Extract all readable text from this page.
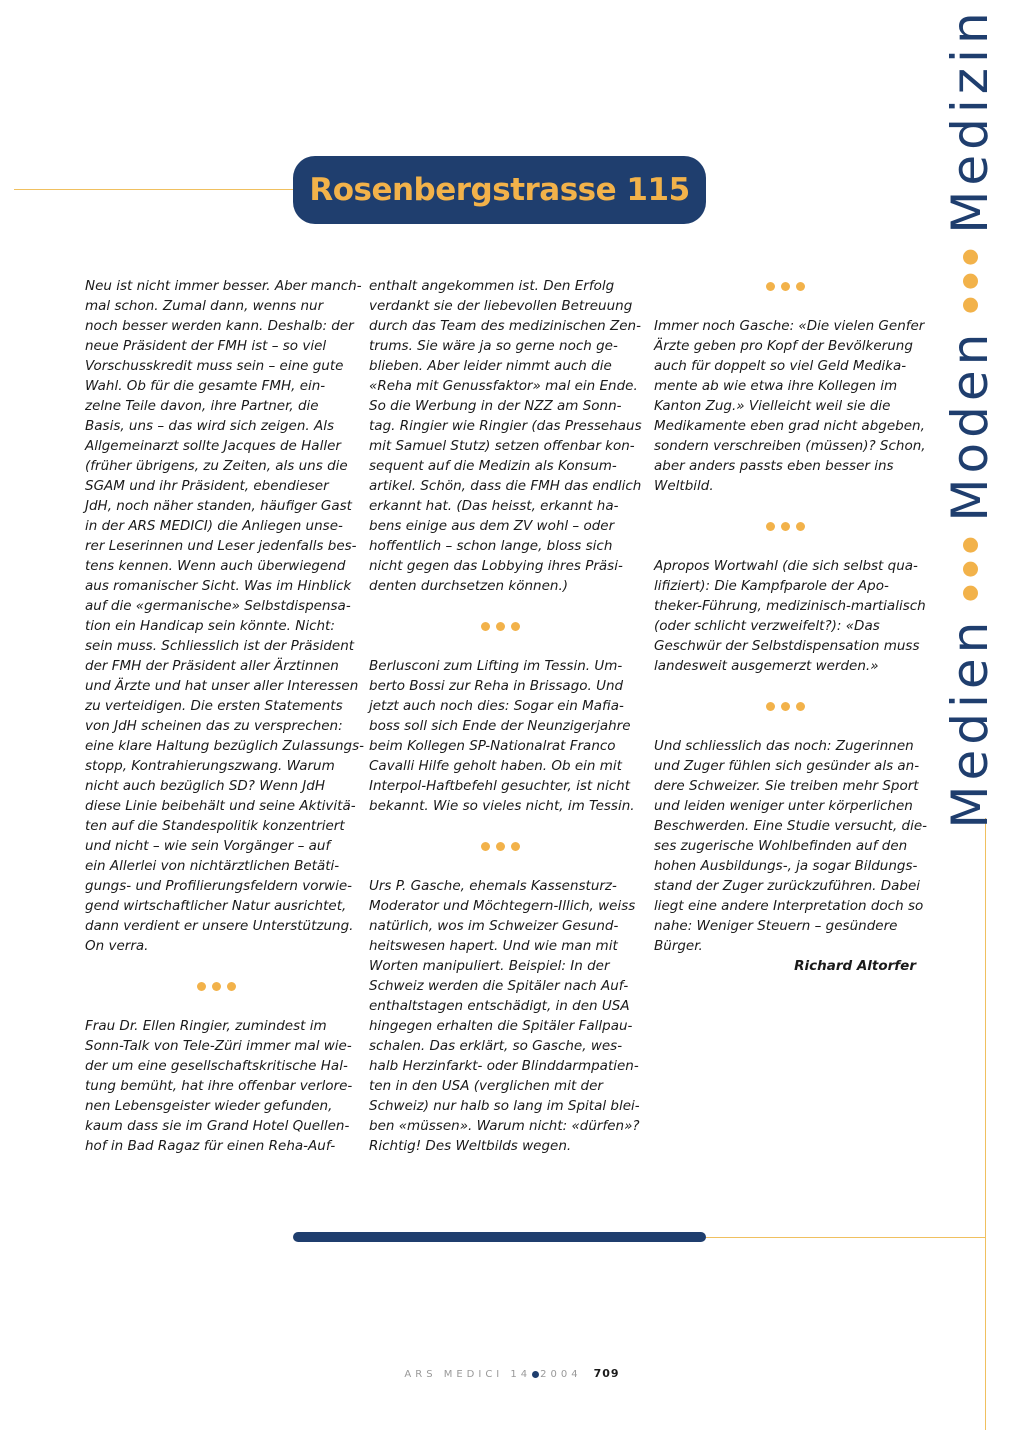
Rosenbergstrasse 115
Medien
Moden
Medizin

Neu ist nicht immer besser. Aber manch-

mal schon. Zumal dann, wenns nur

noch besser werden kann. Deshalb: der

neue Präsident der FMH ist – so viel

Vorschusskredit muss sein – eine gute

Wahl. Ob für die gesamte FMH, ein-

zelne Teile davon, ihre Partner, die

Basis, uns – das wird sich zeigen. Als

Allgemeinarzt sollte Jacques de Haller

(früher übrigens, zu Zeiten, als uns die

SGAM und ihr Präsident, ebendieser

JdH, noch näher standen, häufiger Gast

in der ARS MEDICI) die Anliegen unse-

rer Leserinnen und Leser jedenfalls bes-

tens kennen. Wenn auch überwiegend

aus romanischer Sicht. Was im Hinblick

auf die «germanische» Selbstdispensa-

tion ein Handicap sein könnte. Nicht:

sein muss. Schliesslich ist der Präsident

der FMH der Präsident aller Ärztinnen

und Ärzte und hat unser aller Interessen

zu verteidigen. Die ersten Statements

von JdH scheinen das zu versprechen:

eine klare Haltung bezüglich Zulassungs-

stopp, Kontrahierungszwang. Warum

nicht auch bezüglich SD? Wenn JdH

diese Linie beibehält und seine Aktivitä-

ten auf die Standespolitik konzentriert

und nicht – wie sein Vorgänger – auf

ein Allerlei von nichtärztlichen Betäti-

gungs- und Profilierungsfeldern vorwie-

gend wirtschaftlicher Natur ausrichtet,

dann verdient er unsere Unterstützung.

On verra.

Frau Dr. Ellen Ringier, zumindest im

Sonn-Talk von Tele-Züri immer mal wie-

der um eine gesellschaftskritische Hal-

tung bemüht, hat ihre offenbar verlore-

nen Lebensgeister wieder gefunden,

kaum dass sie im Grand Hotel Quellen-

hof in Bad Ragaz für einen Reha-Auf-

enthalt angekommen ist. Den Erfolg

verdankt sie der liebevollen Betreuung

durch das Team des medizinischen Zen-

trums. Sie wäre ja so gerne noch ge-

blieben. Aber leider nimmt auch die

«Reha mit Genussfaktor» mal ein Ende.

So die Werbung in der NZZ am Sonn-

tag. Ringier wie Ringier (das Pressehaus

mit Samuel Stutz) setzen offenbar kon-

sequent auf die Medizin als Konsum-

artikel. Schön, dass die FMH das endlich

erkannt hat. (Das heisst, erkannt ha-

bens einige aus dem ZV wohl – oder

hoffentlich – schon lange, bloss sich

nicht gegen das Lobbying ihres Präsi-

denten durchsetzen können.)

Berlusconi zum Lifting im Tessin. Um-

berto Bossi zur Reha in Brissago. Und

jetzt auch noch dies: Sogar ein Mafia-

boss soll sich Ende der Neunzigerjahre

beim Kollegen SP-Nationalrat Franco

Cavalli Hilfe geholt haben. Ob ein mit

Interpol-Haftbefehl gesuchter, ist nicht

bekannt. Wie so vieles nicht, im Tessin.

Urs P. Gasche, ehemals Kassensturz-

Moderator und Möchtegern-Illich, weiss

natürlich, wos im Schweizer Gesund-

heitswesen hapert. Und wie man mit

Worten manipuliert. Beispiel: In der

Schweiz werden die Spitäler nach Auf-

enthaltstagen entschädigt, in den USA

hingegen erhalten die Spitäler Fallpau-

schalen. Das erklärt, so Gasche, wes-

halb Herzinfarkt- oder Blinddarmpatien-

ten in den USA (verglichen mit der

Schweiz) nur halb so lang im Spital blei-

ben «müssen». Warum nicht: «dürfen»?

Richtig! Des Weltbilds wegen.

Immer noch Gasche: «Die vielen Genfer

Ärzte geben pro Kopf der Bevölkerung

auch für doppelt so viel Geld Medika-

mente ab wie etwa ihre Kollegen im

Kanton Zug.» Vielleicht weil sie die

Medikamente eben grad nicht abgeben,

sondern verschreiben (müssen)? Schon,

aber anders passts eben besser ins

Weltbild.

Apropos Wortwahl (die sich selbst qua-

lifiziert): Die Kampfparole der Apo-

theker-Führung, medizinisch-martialisch

(oder schlicht verzweifelt?): «Das

Geschwür der Selbstdispensation muss

landesweit ausgemerzt werden.»

Und schliesslich das noch: Zugerinnen

und Zuger fühlen sich gesünder als an-

dere Schweizer. Sie treiben mehr Sport

und leiden weniger unter körperlichen

Beschwerden. Eine Studie versucht, die-

ses zugerische Wohlbefinden auf den

hohen Ausbildungs-, ja sogar Bildungs-

stand der Zuger zurückzuführen. Dabei

liegt eine andere Interpretation doch so

nahe: Weniger Steuern – gesündere

Bürger.

Richard Altorfer

ARS MEDICI 14 2004 709
